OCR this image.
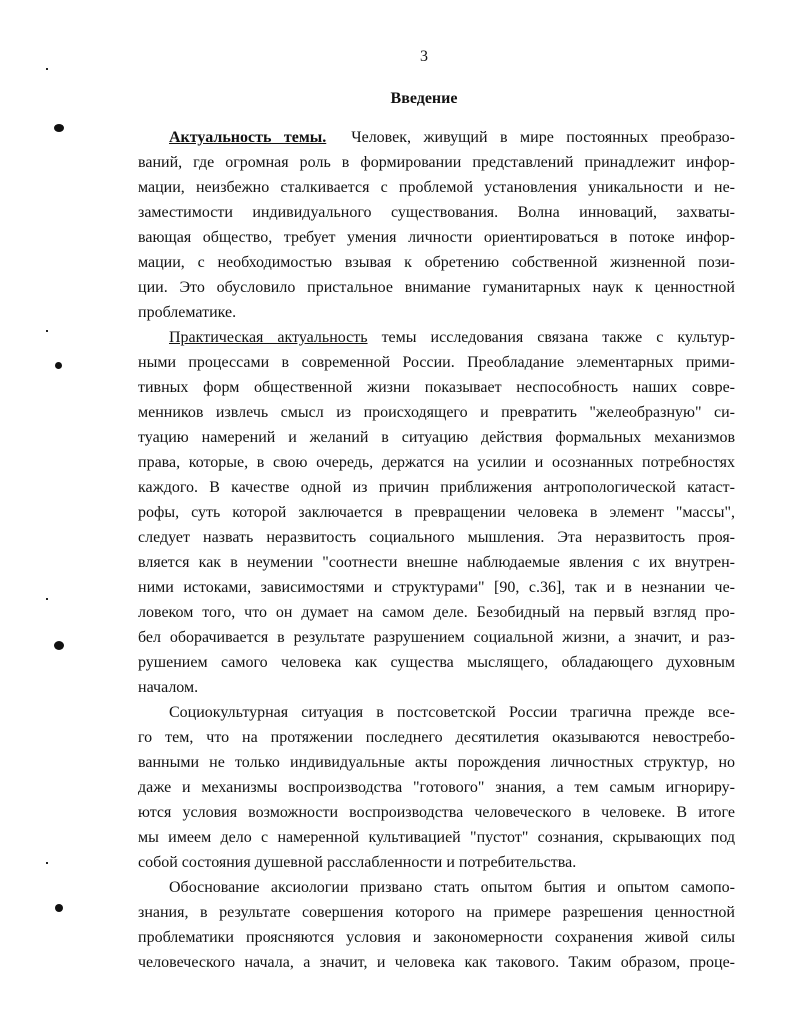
3
Введение
Актуальность темы. Человек, живущий в мире постоянных преобразо-
ваний, где огромная роль в формировании представлений принадлежит инфор-
мации, неизбежно сталкивается с проблемой установления уникальности и не-
заместимости индивидуального существования. Волна инноваций, захваты-
вающая общество, требует умения личности ориентироваться в потоке инфор-
мации, с необходимостью взывая к обретению собственной жизненной пози-
ции. Это обусловило пристальное внимание гуманитарных наук к ценностной
проблематике.
Практическая актуальность темы исследования связана также с культур-
ными процессами в современной России. Преобладание элементарных прими-
тивных форм общественной жизни показывает неспособность наших совре-
менников извлечь смысл из происходящего и превратить "желеобразную" си-
туацию намерений и желаний в ситуацию действия формальных механизмов
права, которые, в свою очередь, держатся на усилии и осознанных потребностях
каждого. В качестве одной из причин приближения антропологической катаст-
рофы, суть которой заключается в превращении человека в элемент "массы",
следует назвать неразвитость социального мышления. Эта неразвитость проя-
вляется как в неумении "соотнести внешне наблюдаемые явления с их внутрен-
ними истоками, зависимостями и структурами" [90, с.36], так и в незнании че-
ловеком того, что он думает на самом деле. Безобидный на первый взгляд про-
бел оборачивается в результате разрушением социальной жизни, а значит, и раз-
рушением самого человека как существа мыслящего, обладающего духовным
началом.
Социокультурная ситуация в постсоветской России трагична прежде все-
го тем, что на протяжении последнего десятилетия оказываются невостребо-
ванными не только индивидуальные акты порождения личностных структур, но
даже и механизмы воспроизводства "готового" знания, а тем самым игнориру-
ются условия возможности воспроизводства человеческого в человеке. В итоге
мы имеем дело с намеренной культивацией "пустот" сознания, скрывающих под
собой состояния душевной расслабленности и потребительства.
Обоснование аксиологии призвано стать опытом бытия и опытом самопо-
знания, в результате совершения которого на примере разрешения ценностной
проблематики проясняются условия и закономерности сохранения живой силы
человеческого начала, а значит, и человека как такового. Таким образом, проце-
